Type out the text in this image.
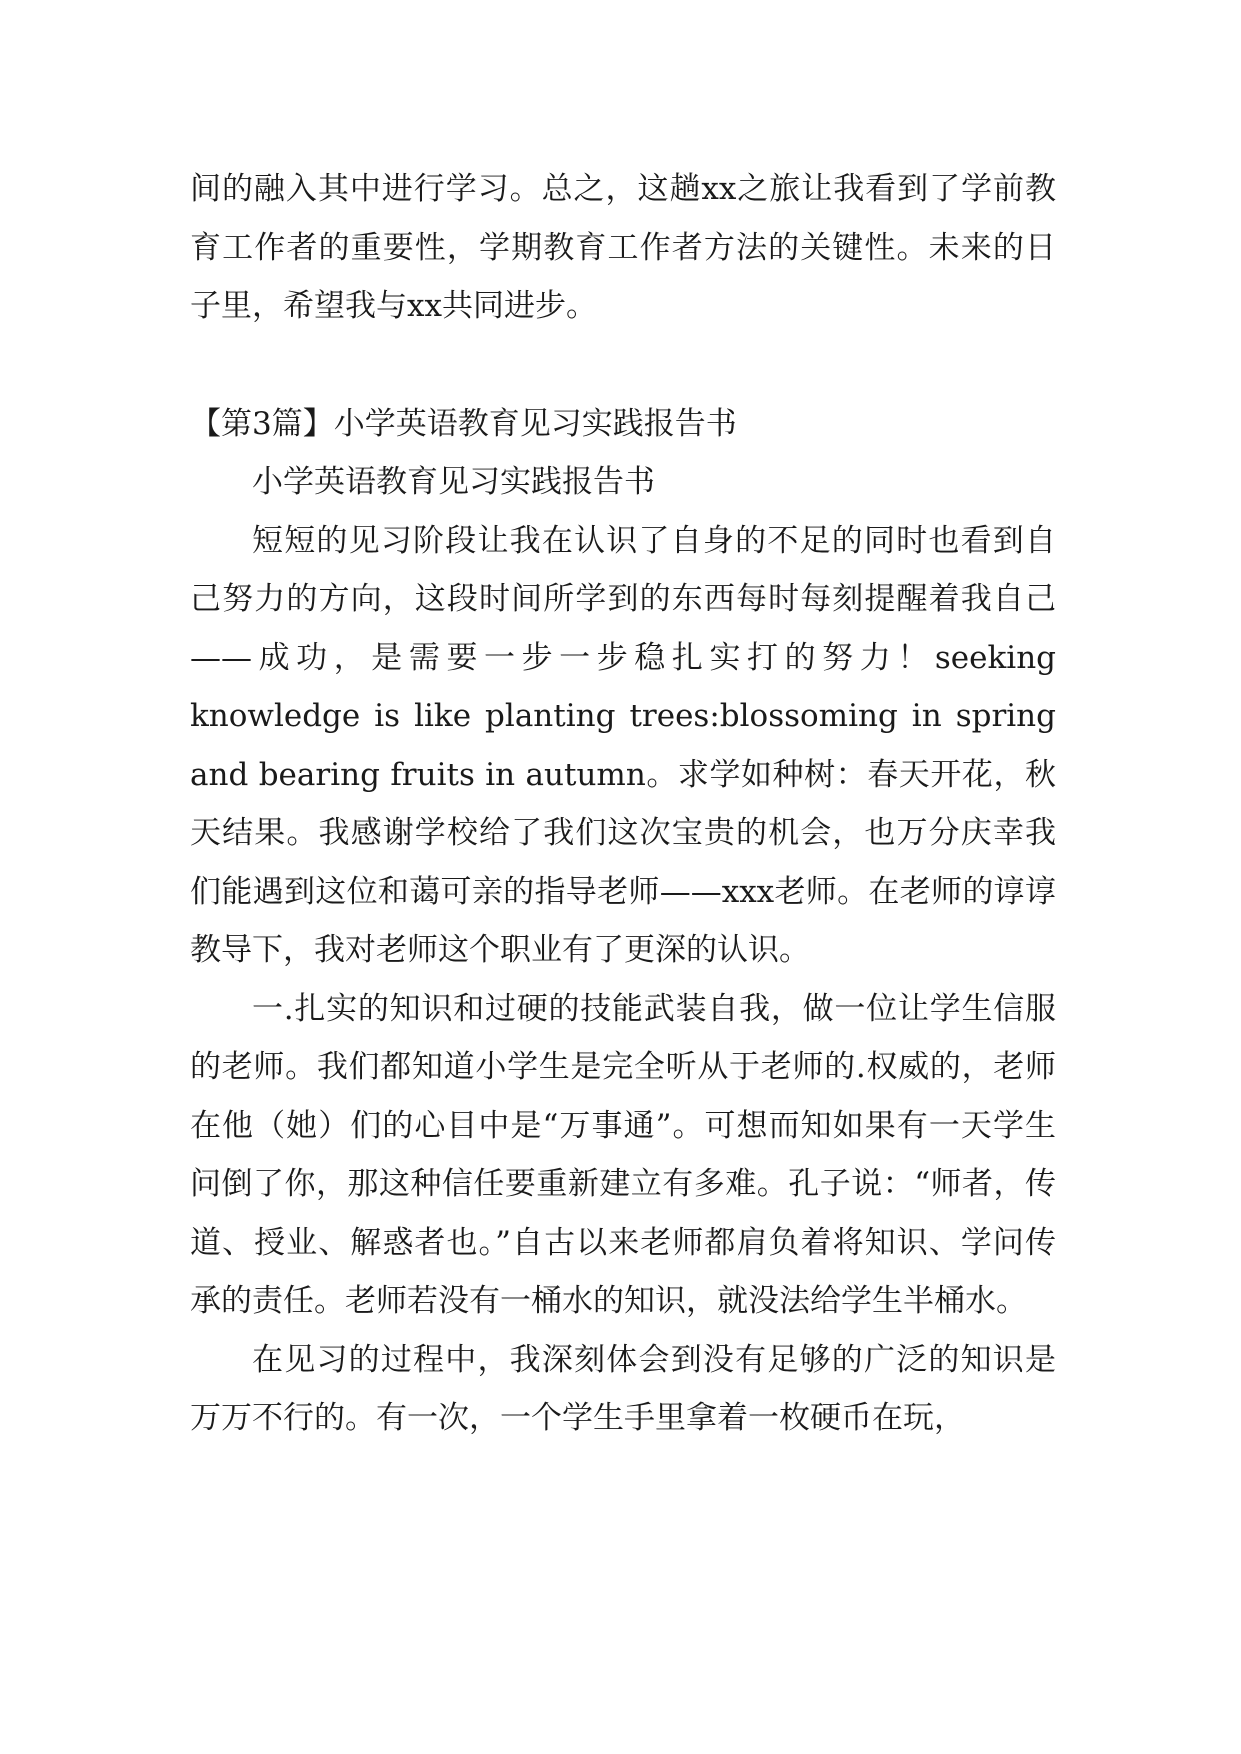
间的融入其中进行学习。总之，这趟xx之旅让我看到了学前教育工作者的重要性，学期教育工作者方法的关键性。未来的日子里，希望我与xx共同进步。

【第3篇】小学英语教育见习实践报告书

小学英语教育见习实践报告书

短短的见习阶段让我在认识了自身的不足的同时也看到自己努力的方向，这段时间所学到的东西每时每刻提醒着我自己——成功，是需要一步一步稳扎实打的努力！seeking knowledge is like planting trees:blossoming in spring and bearing fruits in autumn。求学如种树：春天开花，秋天结果。我感谢学校给了我们这次宝贵的机会，也万分庆幸我们能遇到这位和蔼可亲的指导老师——xxx老师。在老师的谆谆教导下，我对老师这个职业有了更深的认识。

一.扎实的知识和过硬的技能武装自我，做一位让学生信服的老师。我们都知道小学生是完全听从于老师的.权威的，老师在他（她）们的心目中是“万事通”。可想而知如果有一天学生问倒了你，那这种信任要重新建立有多难。孔子说：“师者，传道、授业、解惑者也。”自古以来老师都肩负着将知识、学问传承的责任。老师若没有一桶水的知识，就没法给学生半桶水。

在见习的过程中，我深刻体会到没有足够的广泛的知识是万万不行的。有一次，一个学生手里拿着一枚硬币在玩，
